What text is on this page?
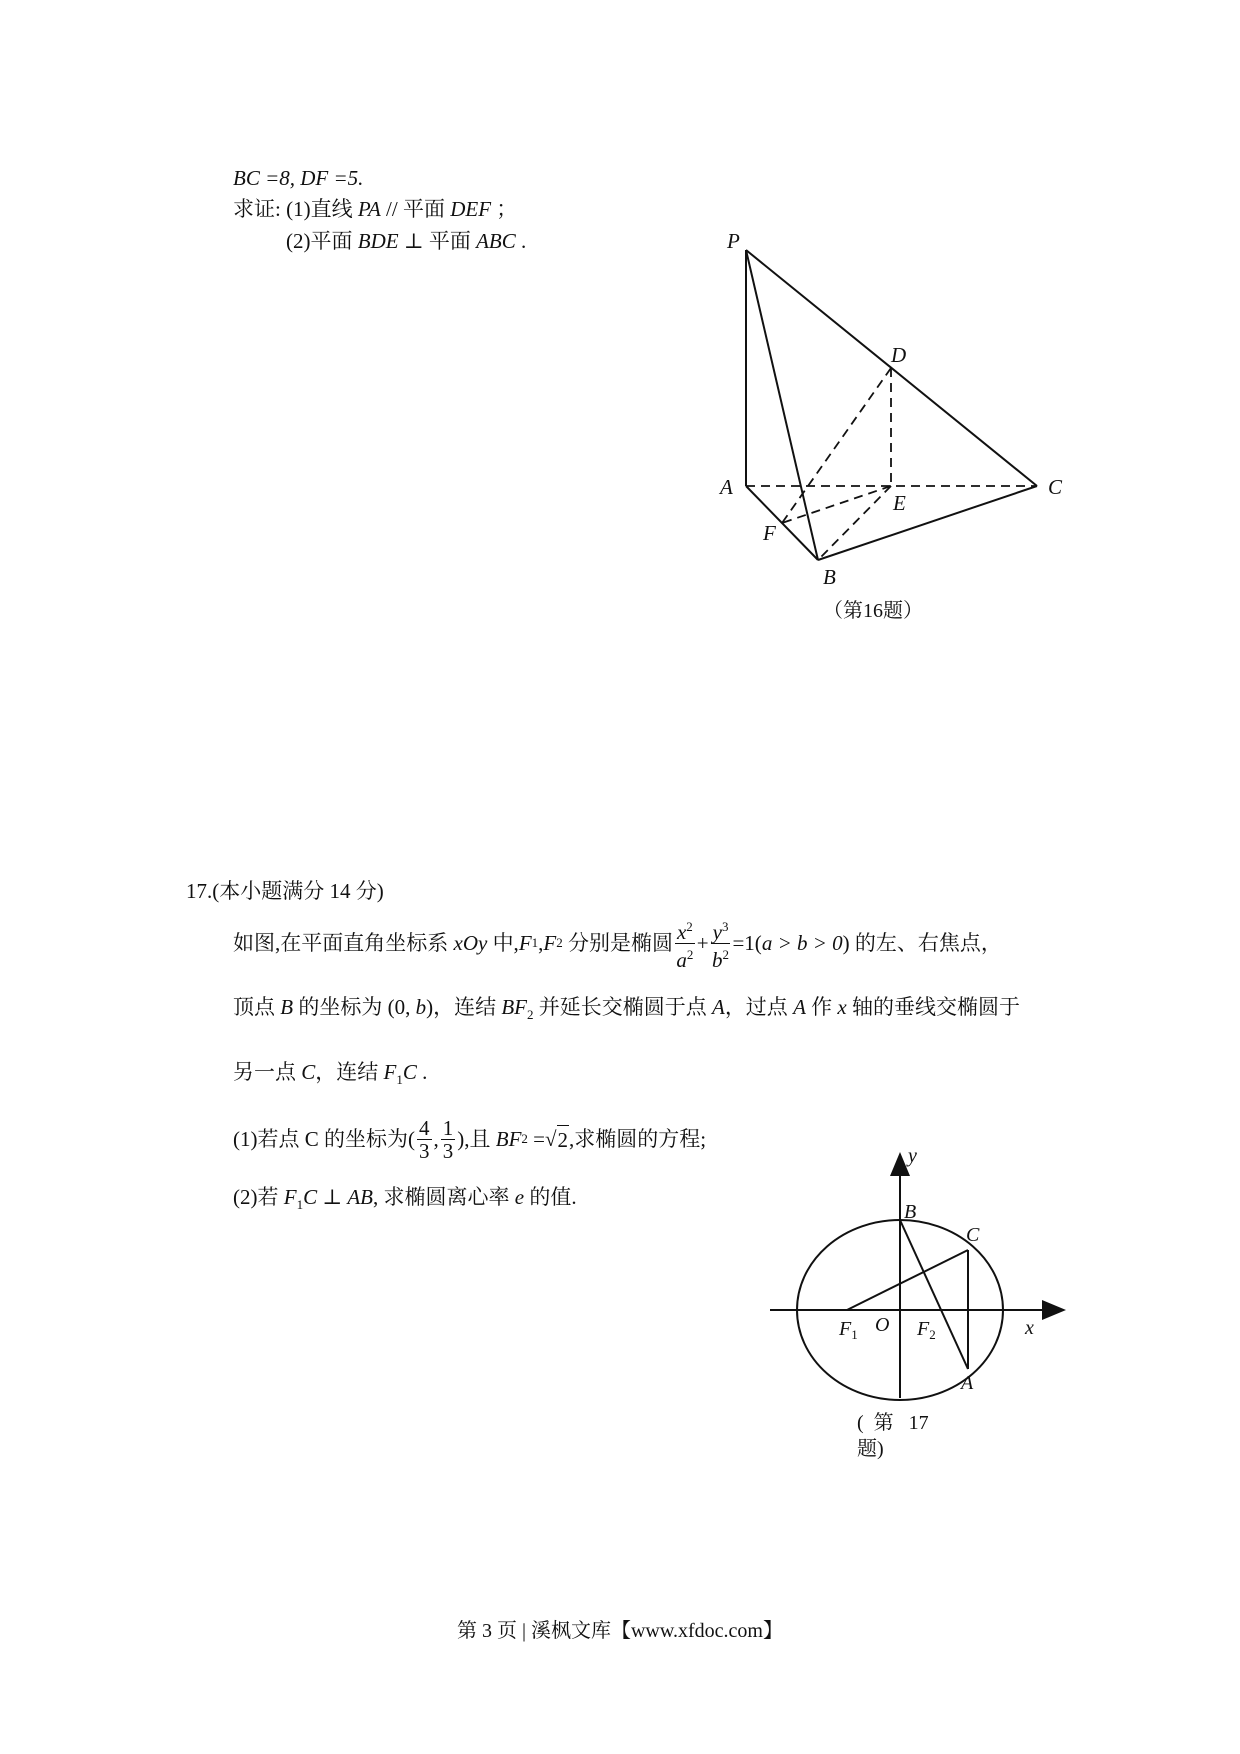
BC =8, DF =5.
求证: (1)直线 PA // 平面 DEF ；
(2)平面 BDE ⊥ 平面 ABC .	P
D
A
E
C
F
B
（第16题）
17.(本小题满分 14 分)
如图,在平面直角坐标系
xOy
中, F 1 , F 2
分别是椭圆 $\frac{x^2}{a^2} + \frac{y^3}{b^2} =1$( a > b > 0 )
的左、右焦点，
顶点 B 的坐标为 (0, b)，连结 $BF_2$ 并延长交椭圆于点 A，过点 A 作 x 轴的垂线交椭圆于
另一点 C，连结 $F_1C$ .
(1)若点 C 的坐标为 ( $\frac{4}{3}$ , $\frac{1}{3}$ ) ,且
BF 2
= √ 2 ,求椭圆的方程;
(2)若 $F_1C$ ⊥ AB, 求椭圆离心率 e 的值.
y
B
C
$F_1$ O $F_2$	x
A
(  第   17
题)
第 3 页 | 溪枫文库【www.xfdoc.com】
